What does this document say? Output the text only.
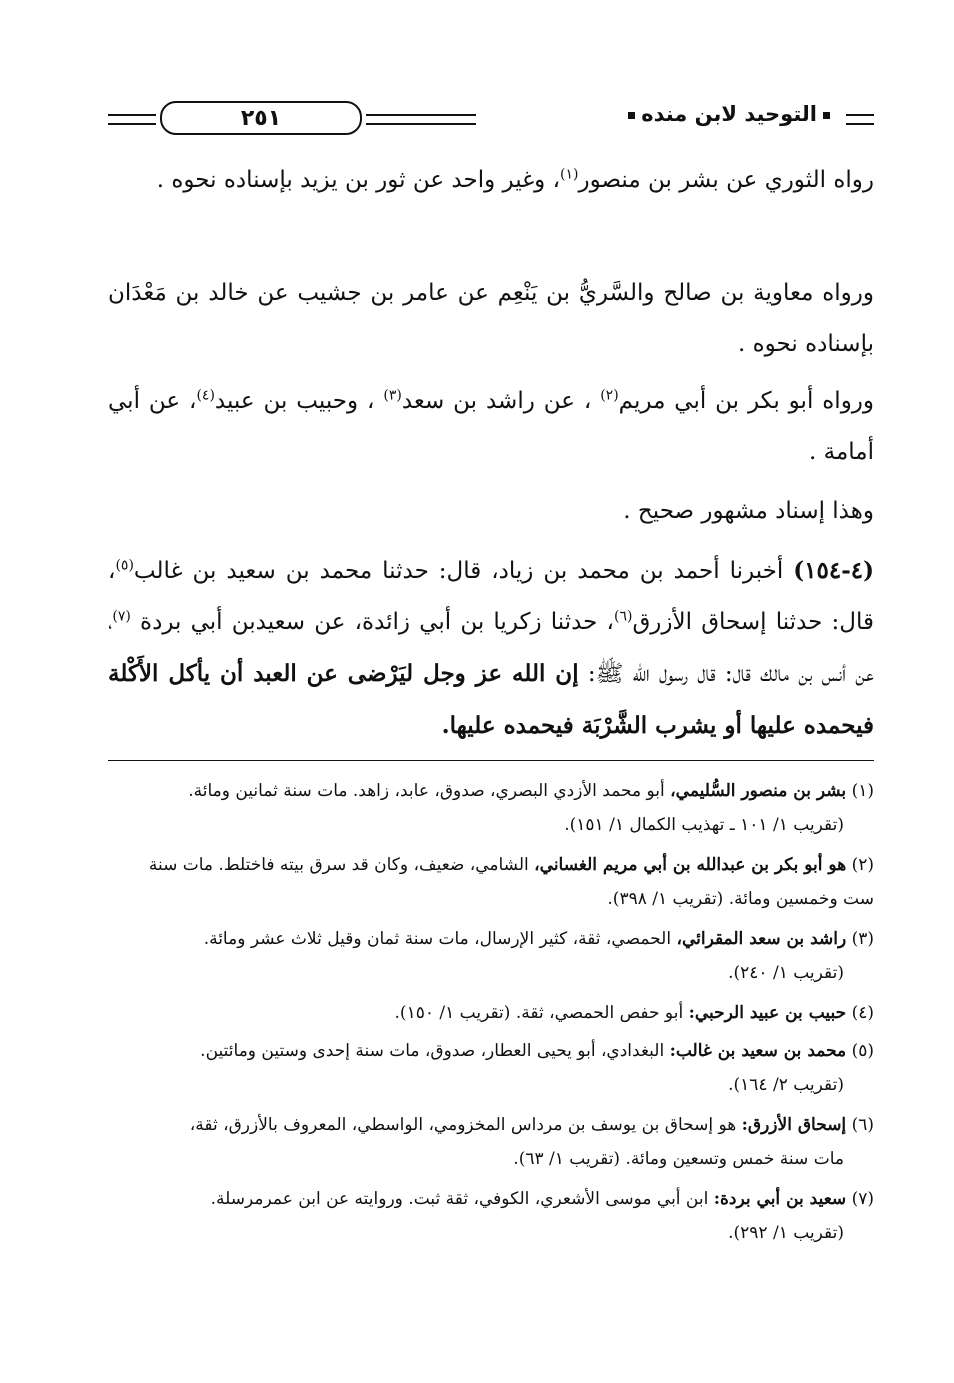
التوحيد لابن منده
٢٥١
رواه الثوري عن بشر بن منصور$^{(١)}$، وغير واحد عن ثور بن يزيد بإسناده نحوه .
ورواه معاوية بن صالح والسَّريُّ بن يَنْعِم عن عامر بن جشيب عن خالد بن مَعْدَان بإسناده نحوه .
ورواه أبو بكر بن أبي مريم$^{(٢)}$ ، عن راشد بن سعد$^{(٣)}$ ، وحبيب بن عبيد$^{(٤)}$، عن أبي أمامة .
وهذا إسناد مشهور صحيح .
(٤-١٥٤) أخبرنا أحمد بن محمد بن زياد، قال: حدثنا محمد بن سعيد بن غالب$^{(٥)}$، قال: حدثنا إسحاق الأزرق$^{(٦)}$، حدثنا زكريا بن أبي زائدة، عن سعيدبن أبي بردة $^{(٧)}$، عن أنس بن مالك قال: قال رسول الله ﷺ: إن الله عز وجل ليَرْضى عن العبد أن يأكل الأَكْلة فيحمده عليها أو يشرب الشَّرْبَة فيحمده عليها.
(١) بشر بن منصور السُّليمي، أبو محمد الأزدي البصري، صدوق، عابد، زاهد. مات سنة ثمانين ومائة.
(تقريب ١/ ١٠١ ـ تهذيب الكمال ١/ ١٥١).
(٢) هو أبو بكر بن عبدالله بن أبي مريم الغساني، الشامي، ضعيف، وكان قد سرق بيته فاختلط. مات سنة
ست وخمسين ومائة. (تقريب ١/ ٣٩٨).
(٣) راشد بن سعد المقرائي، الحمصي، ثقة، كثير الإرسال، مات سنة ثمان وقيل ثلاث عشر ومائة.
(تقريب ١/ ٢٤٠).
(٤) حبيب بن عبيد الرحبي: أبو حفص الحمصي، ثقة. (تقريب ١/ ١٥٠).
(٥) محمد بن سعيد بن غالب: البغدادي، أبو يحيى العطار، صدوق، مات سنة إحدى وستين ومائتين.
(تقريب ٢/ ١٦٤).
(٦) إسحاق الأزرق: هو إسحاق بن يوسف بن مرداس المخزومي، الواسطي، المعروف بالأزرق، ثقة،
مات سنة خمس وتسعين ومائة. (تقريب ١/ ٦٣).
(٧) سعيد بن أبي بردة: ابن أبي موسى الأشعري، الكوفي، ثقة ثبت. وروايته عن ابن عمرمرسلة.
(تقريب ١/ ٢٩٢).
